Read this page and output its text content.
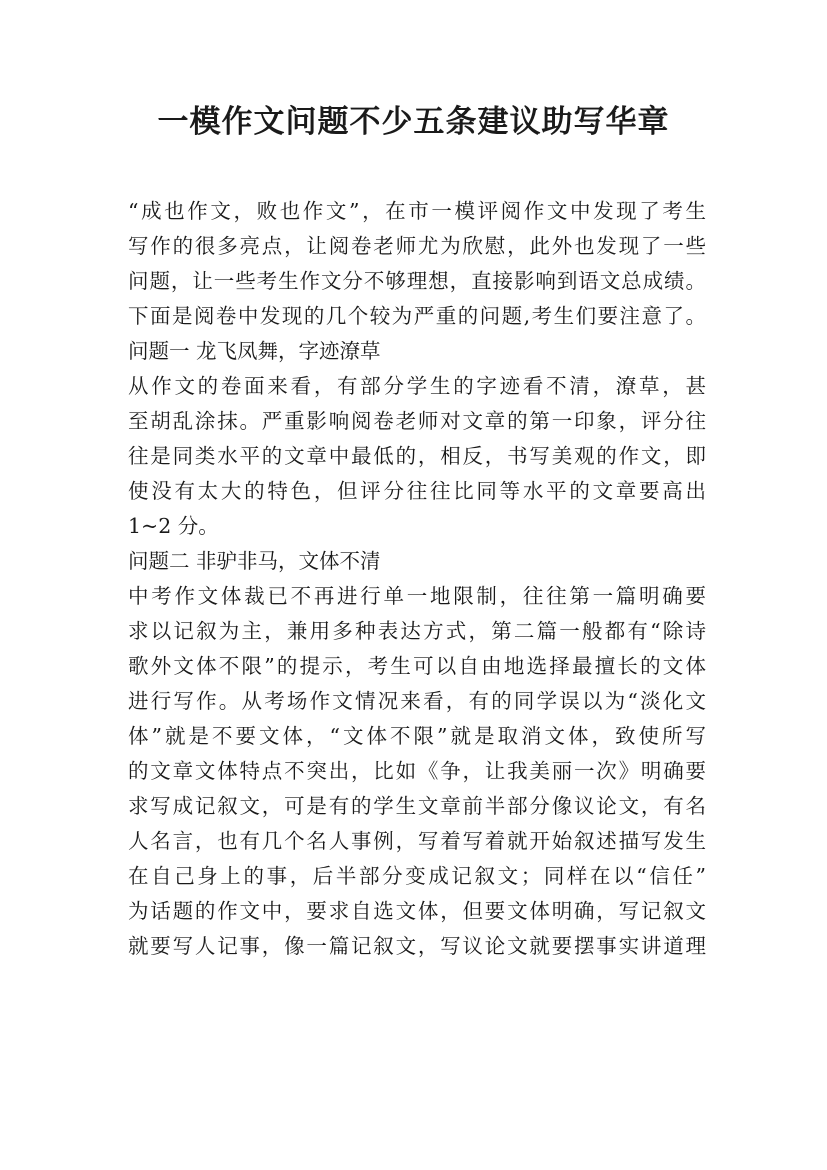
一模作文问题不少五条建议助写华章
“成也作文，败也作文”，在市一模评阅作文中发现了考生
写作的很多亮点，让阅卷老师尤为欣慰，此外也发现了一些
问题，让一些考生作文分不够理想，直接影响到语文总成绩。
下面是阅卷中发现的几个较为严重的问题,考生们要注意了。
问题一 龙飞凤舞，字迹潦草
从作文的卷面来看，有部分学生的字迹看不清，潦草，甚
至胡乱涂抹。严重影响阅卷老师对文章的第一印象，评分往
往是同类水平的文章中最低的，相反，书写美观的作文，即
使没有太大的特色，但评分往往比同等水平的文章要高出
1~2 分。
问题二 非驴非马，文体不清
中考作文体裁已不再进行单一地限制，往往第一篇明确要
求以记叙为主，兼用多种表达方式，第二篇一般都有“除诗
歌外文体不限”的提示，考生可以自由地选择最擅长的文体
进行写作。从考场作文情况来看，有的同学误以为“淡化文
体”就是不要文体，“文体不限”就是取消文体，致使所写
的文章文体特点不突出，比如《争，让我美丽一次》明确要
求写成记叙文，可是有的学生文章前半部分像议论文，有名
人名言，也有几个名人事例，写着写着就开始叙述描写发生
在自己身上的事，后半部分变成记叙文；同样在以“信任”
为话题的作文中，要求自选文体，但要文体明确，写记叙文
就要写人记事，像一篇记叙文，写议论文就要摆事实讲道理
